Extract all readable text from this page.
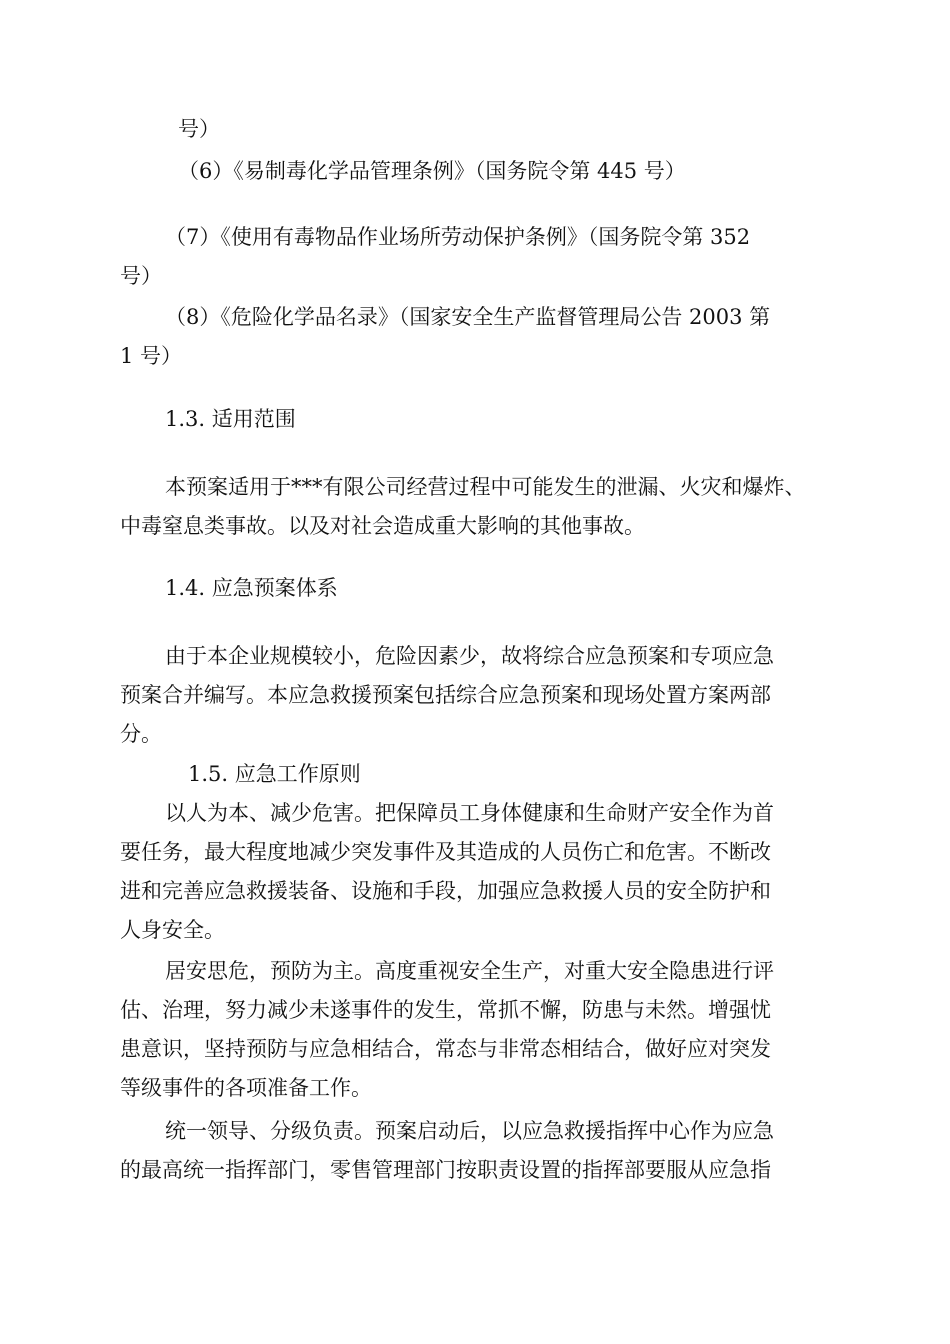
号）

（6）《易制毒化学品管理条例》（国务院令第 445 号）

（7）《使用有毒物品作业场所劳动保护条例》（国务院令第 352

号）

（8）《危险化学品名录》（国家安全生产监督管理局公告 2003 第

1 号）

1.3. 适用范围

本预案适用于***有限公司经营过程中可能发生的泄漏、火灾和爆炸、

中毒窒息类事故。以及对社会造成重大影响的其他事故。

1.4. 应急预案体系

由于本企业规模较小，危险因素少，故将综合应急预案和专项应急

预案合并编写。本应急救援预案包括综合应急预案和现场处置方案两部

分。

1.5. 应急工作原则

以人为本、减少危害。把保障员工身体健康和生命财产安全作为首

要任务，最大程度地减少突发事件及其造成的人员伤亡和危害。不断改

进和完善应急救援装备、设施和手段，加强应急救援人员的安全防护和

人身安全。

居安思危，预防为主。高度重视安全生产，对重大安全隐患进行评

估、治理，努力减少未遂事件的发生，常抓不懈，防患与未然。增强忧

患意识，坚持预防与应急相结合，常态与非常态相结合，做好应对突发

等级事件的各项准备工作。

统一领导、分级负责。预案启动后，以应急救援指挥中心作为应急

的最高统一指挥部门，零售管理部门按职责设置的指挥部要服从应急指
